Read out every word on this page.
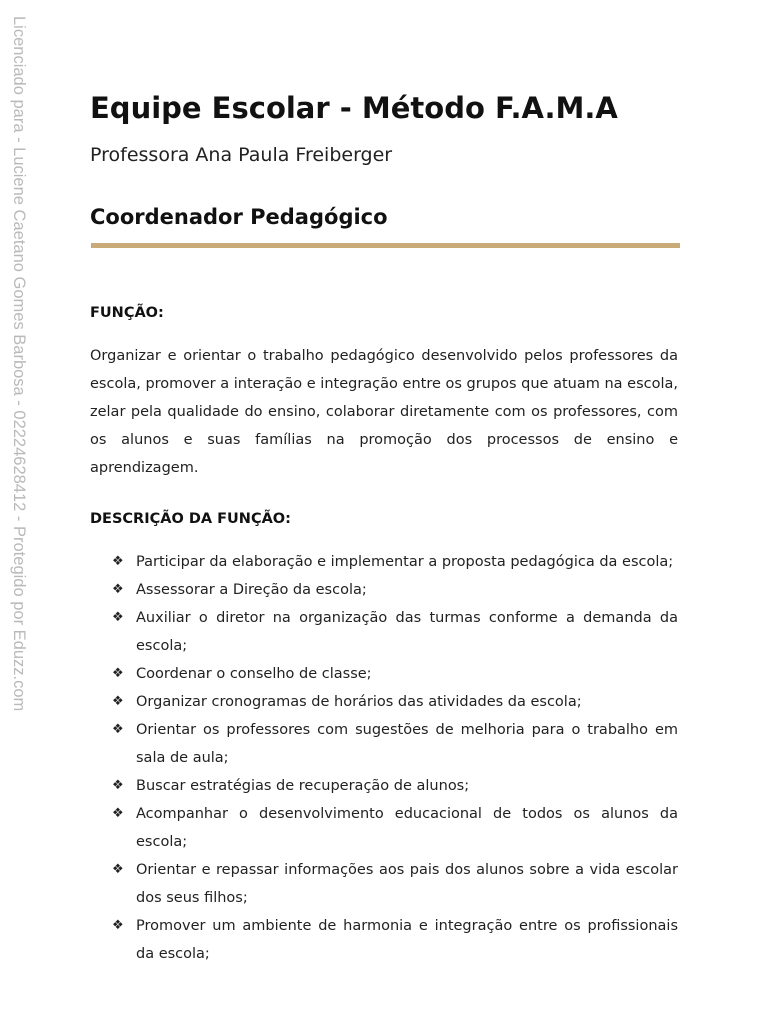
Licenciado para - Luciene Caetano Gomes Barbosa - 02224628412 - Protegido por Eduzz.com Equipe Escolar - Método F.A.M.A

Professora Ana Paula Freiberger

Coordenador Pedagógico
FUNÇÃO:

Organizar e orientar o trabalho pedagógico desenvolvido pelos professores da escola, promover a interação e integração entre os grupos que atuam na escola, zelar pela qualidade do ensino, colaborar diretamente com os professores, com os alunos e suas famílias na promoção dos processos de ensino e aprendizagem.

DESCRIÇÃO DA FUNÇÃO:
❖ Participar da elaboração e implementar a proposta pedagógica da escola;
❖ Assessorar a Direção da escola;
❖ Auxiliar o diretor na organização das turmas conforme a demanda da escola;
❖ Coordenar o conselho de classe;
❖ Organizar cronogramas de horários das atividades da escola;
❖ Orientar os professores com sugestões de melhoria para o trabalho em sala de aula;
❖ Buscar estratégias de recuperação de alunos;
❖ Acompanhar o desenvolvimento educacional de todos os alunos da escola;
❖ Orientar e repassar informações aos pais dos alunos sobre a vida escolar dos seus filhos;
❖ Promover um ambiente de harmonia e integração entre os profissionais da escola;
